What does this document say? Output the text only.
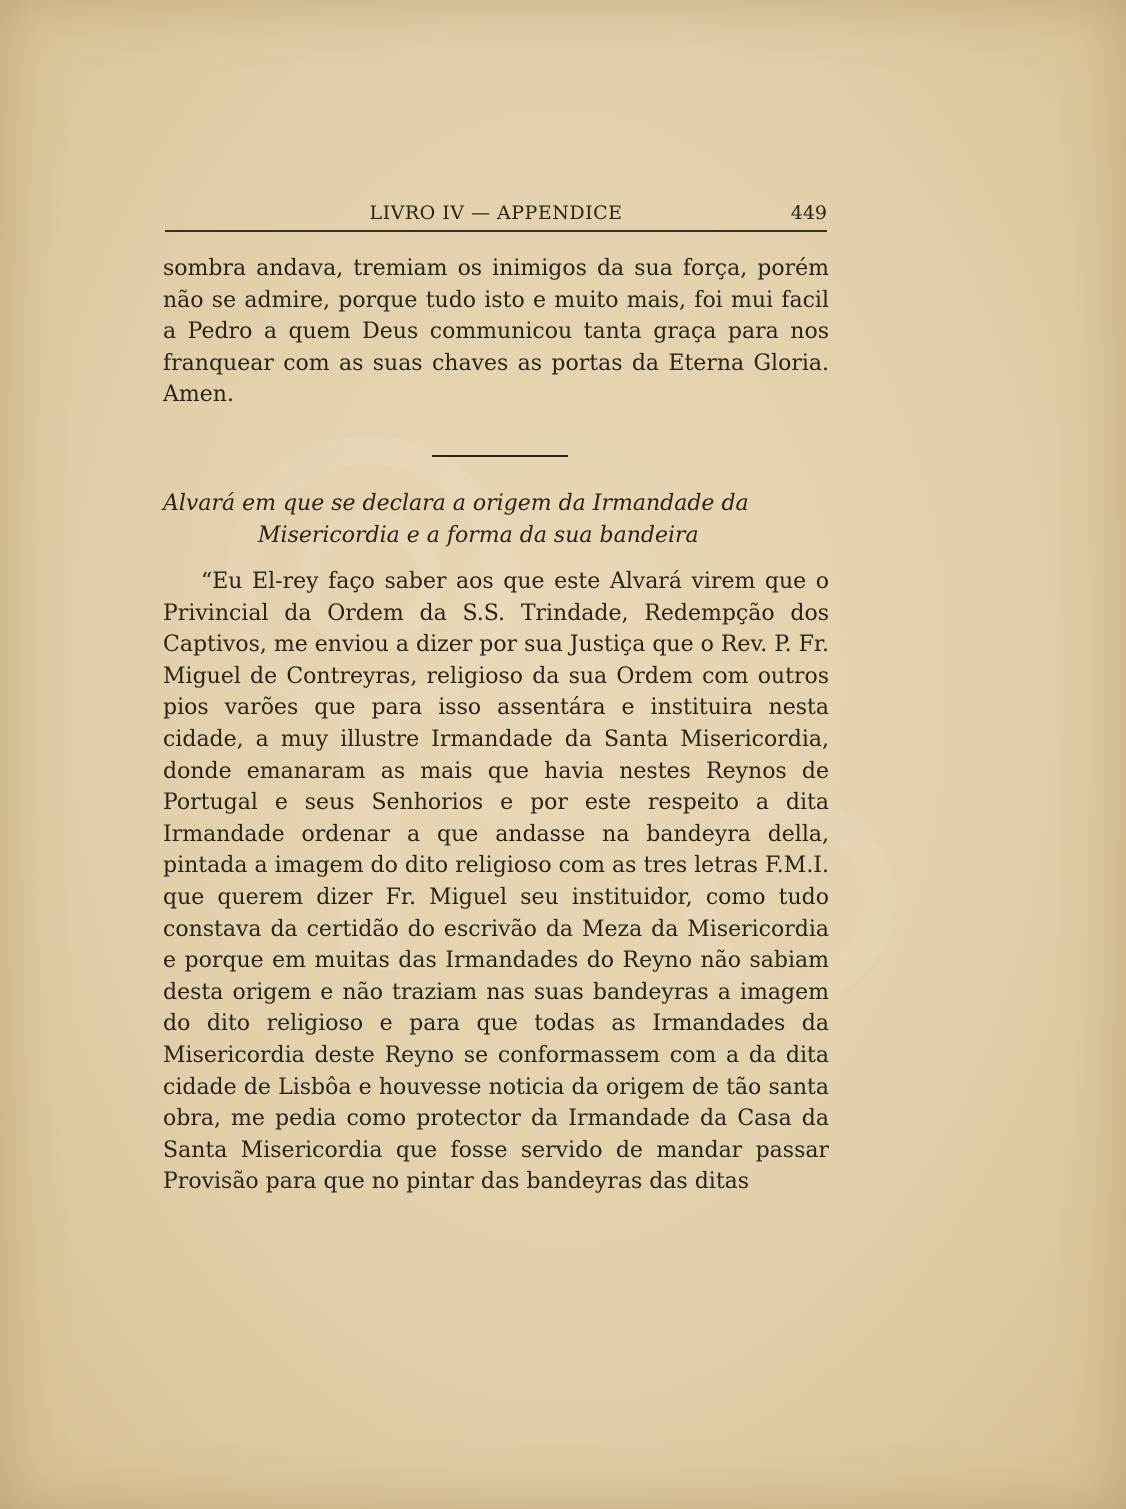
LIVRO IV — APPENDICE	449
sombra andava, tremiam os inimigos da sua força, porém não se admire, porque tudo isto e muito mais, foi mui facil a Pedro a quem Deus communicou tanta graça para nos franquear com as suas chaves as portas da Eterna Gloria. Amen.
Alvará em que se declara a origem da Irmandade da
Misericordia e a forma da sua bandeira
“Eu El-rey faço saber aos que este Alvará virem que o Privincial da Ordem da S.S. Trindade, Redempção dos Captivos, me enviou a dizer por sua Justiça que o Rev. P. Fr. Miguel de Contreyras, religioso da sua Ordem com outros pios varões que para isso assentára e instituira nesta cidade, a muy illustre Irmandade da Santa Misericordia, donde emanaram as mais que havia nestes Reynos de Portugal e seus Senhorios e por este respeito a dita Irmandade ordenar a que andasse na bandeyra della, pintada a imagem do dito religioso com as tres letras F.M.I. que querem dizer Fr. Miguel seu instituidor, como tudo constava da certidão do escrivão da Meza da Misericordia e porque em muitas das Irmandades do Reyno não sabiam desta origem e não traziam nas suas bandeyras a imagem do dito religioso e para que todas as Irmandades da Misericordia deste Reyno se conformassem com a da dita cidade de Lisbôa e houvesse noticia da origem de tão santa obra, me pedia como protector da Irmandade da Casa da Santa Misericordia que fosse servido de mandar passar Provisão para que no pintar das bandeyras das ditas
